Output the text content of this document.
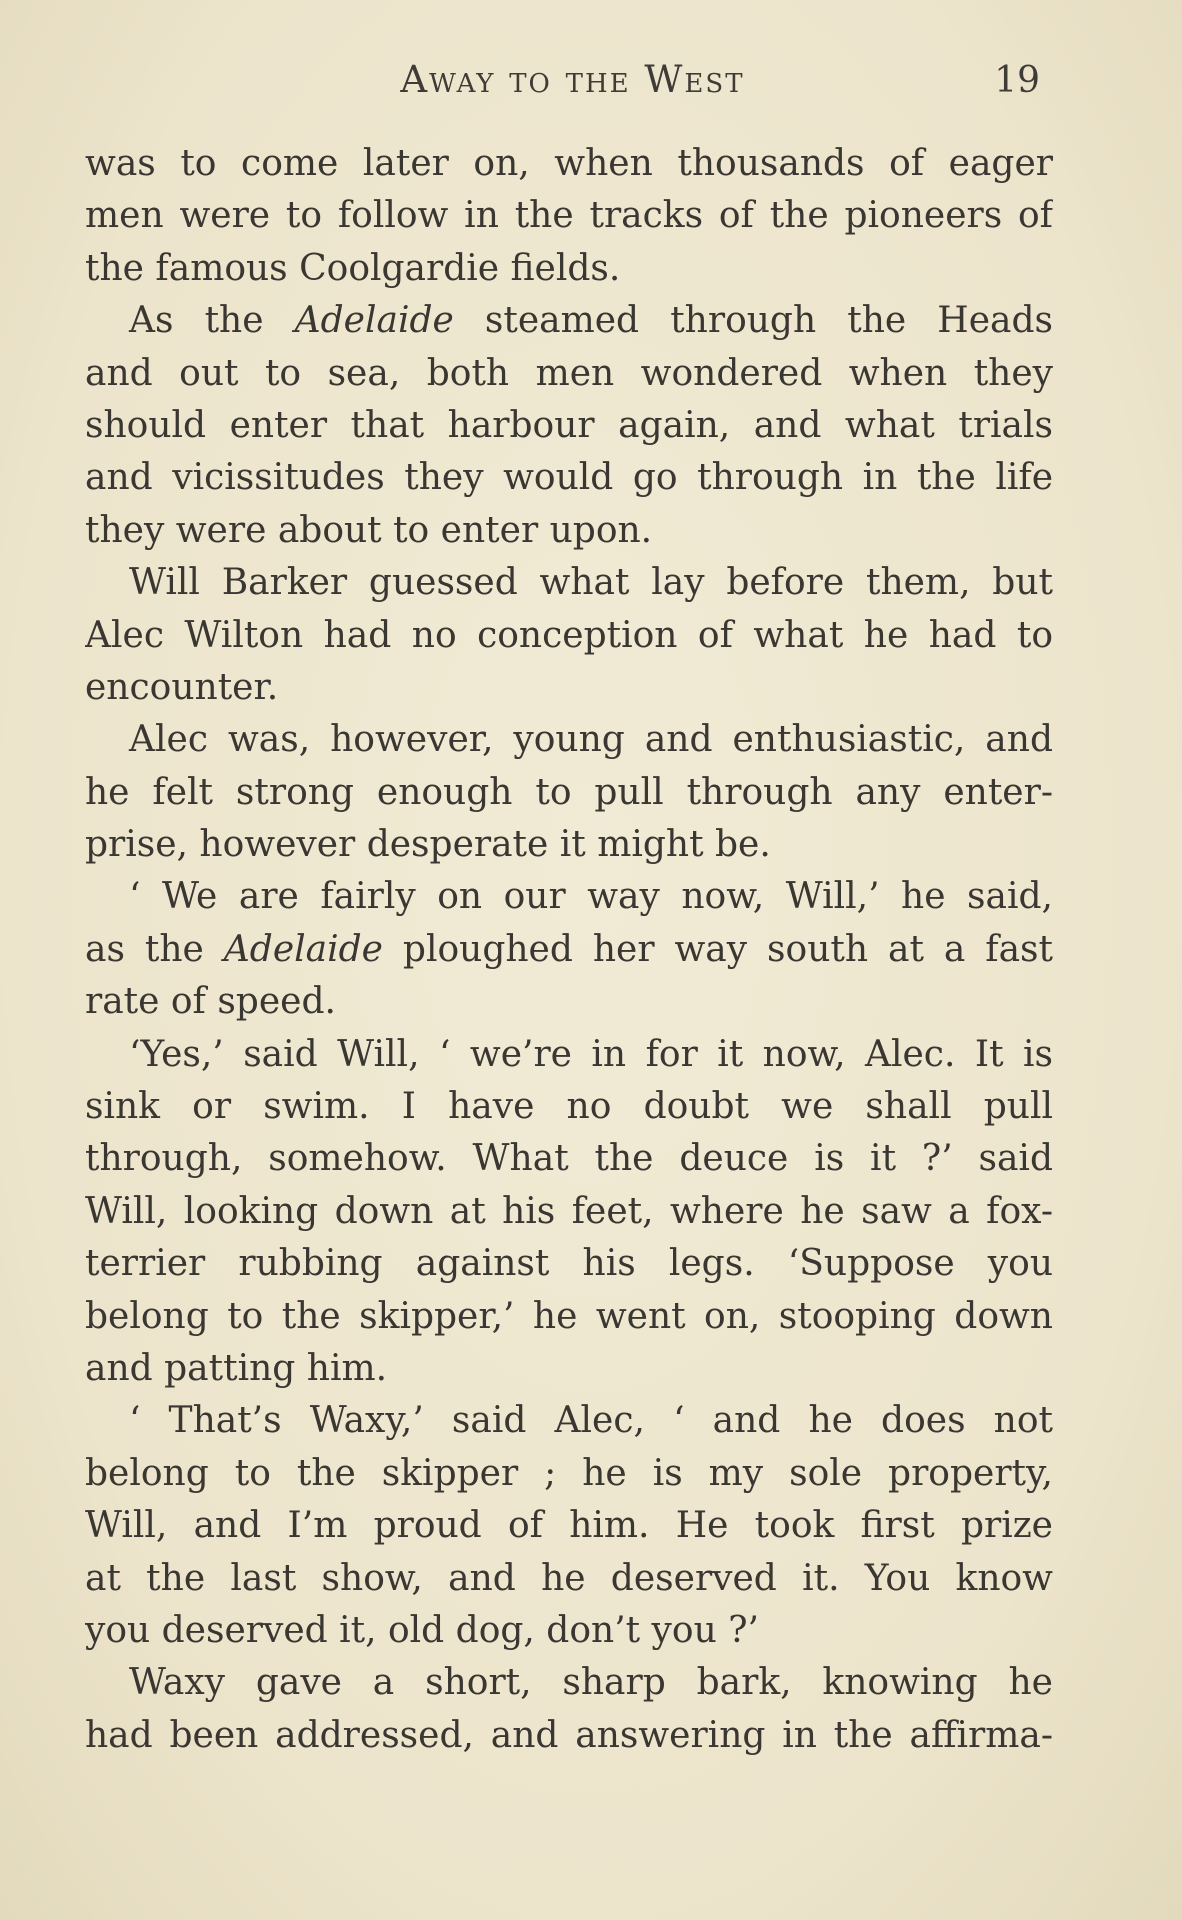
Away to the West	19
was to come later on, when thousands of eager
men were to follow in the tracks of the pioneers of
the famous Coolgardie fields.
As the Adelaide steamed through the Heads
and out to sea, both men wondered when they
should enter that harbour again, and what trials
and vicissitudes they would go through in the life
they were about to enter upon.
Will Barker guessed what lay before them, but
Alec Wilton had no conception of what he had to
encounter.
Alec was, however, young and enthusiastic, and
he felt strong enough to pull through any enter-
prise, however desperate it might be.
‘ We are fairly on our way now, Will,’ he said,
as the Adelaide ploughed her way south at a fast
rate of speed.
‘Yes,’ said Will, ‘ we’re in for it now, Alec. It is
sink or swim. I have no doubt we shall pull
through, somehow. What the deuce is it ?’ said
Will, looking down at his feet, where he saw a fox-
terrier rubbing against his legs. ‘Suppose you
belong to the skipper,’ he went on, stooping down
and patting him.
‘ That’s Waxy,’ said Alec, ‘ and he does not
belong to the skipper ; he is my sole property,
Will, and I’m proud of him. He took first prize
at the last show, and he deserved it. You know
you deserved it, old dog, don’t you ?’
Waxy gave a short, sharp bark, knowing he
had been addressed, and answering in the affirma-
